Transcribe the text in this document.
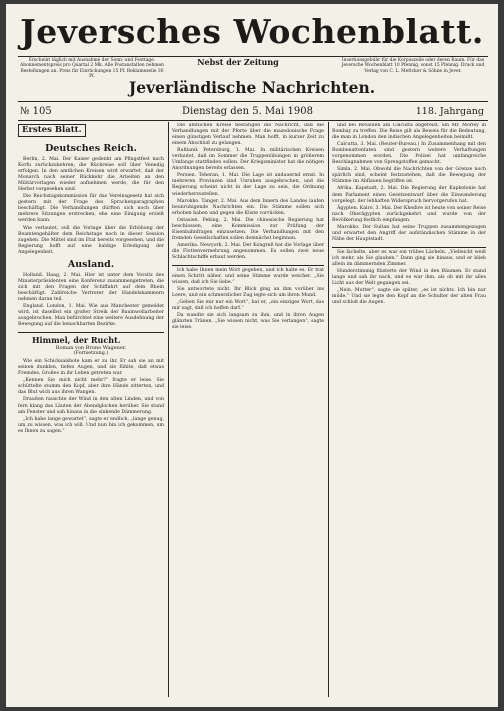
Jeversches Wochenblatt.
Erscheint täglich mit Ausnahme der Sonn- und Festtage. Abonnementspreis pro Quartal 2 Mk. Alle Postanstalten nehmen Bestellungen an. Preis für Einrückungen 15 Pf. Reklamezeile 30 Pf.
Nebst der Zeitung	Insertionsgebühr für die Korpuszeile oder deren Raum. Für das Jeversche Wochenblatt 10 Pfennig, sonst 15 Pfennig. Druck und Verlag von C. L. Mettcker & Söhne in Jever.
Jeverländische Nachrichten.
№ 105	Dienstag den 5. Mai 1908	118. Jahrgang
Erstes Blatt.
Deutsches Reich.

Berlin, 2. Mai. Der Kaiser gedenkt am Pfingstfest nach Korfu zurückzukehren; die Rückreise soll über Venedig erfolgen. In den amtlichen Kreisen wird erwartet, daß der Monarch nach seiner Rückkehr die Arbeiten an den Militärvorlagen wieder aufnehmen werde, die für den Herbst vorgesehen sind.

Die Reichstagskommission für das Vereinsgesetz hat sich gestern mit der Frage des Sprachenparagraphen beschäftigt. Die Verhandlungen dürften sich noch über mehrere Sitzungen erstrecken, ehe eine Einigung erzielt werden kann.

Wie verlautet, soll die Vorlage über die Erhöhung der Beamtengehälter dem Reichstage noch in dieser Session zugehen. Die Mittel sind im Etat bereits vorgesehen, und die Regierung hofft auf eine baldige Erledigung der Angelegenheit.

Ausland.

Holland. Haag, 2. Mai. Hier ist unter dem Vorsitz des Ministerpräsidenten eine Konferenz zusammengetreten, die sich mit den Fragen der Schiffahrt auf dem Rhein beschäftigt. Zahlreiche Vertreter der Handelskammern nehmen daran teil.

England. London, 1. Mai. Wie aus Manchester gemeldet wird, ist daselbst ein großer Streik der Baumwollarbeiter ausgebrochen. Man befürchtet eine weitere Ausdehnung der Bewegung auf die benachbarten Bezirke.

Himmel, der Rucht.
Roman von Bruno Wagener.
(Fortsetzung.)

Wie ein Schicksalsbote kam er zu ihr. Er sah sie an mit seinen dunklen, tiefen Augen, und sie fühlte, daß etwas Fremdes, Großes in ihr Leben getreten war.

„Kennen Sie mich nicht mehr?“ fragte er leise. Sie schüttelte stumm den Kopf, aber ihre Hände zitterten, und das Blut wich aus ihren Wangen.

Draußen rauschte der Wind in den alten Linden, und von fern klang das Läuten der Abendglocken herüber. Sie stand am Fenster und sah hinaus in die sinkende Dämmerung.

„Ich habe lange gewartet“, sagte er endlich, „lange genug, um zu wissen, was ich will. Und nun bin ich gekommen, um es Ihnen zu sagen.“

Die amtlichen Kreise bestätigen die Nachricht, daß die Verhandlungen mit der Pforte über die mazedonische Frage einen günstigen Verlauf nehmen. Man hofft, in kurzer Zeit zu einem Abschluß zu gelangen.

Rußland. Petersburg, 1. Mai. In militärischen Kreisen verlautet, daß im Sommer die Truppenübungen in größerem Umfange stattfinden sollen. Der Kriegsminister hat die nötigen Anordnungen bereits erlassen.

Persien. Teheran, 1. Mai. Die Lage ist andauernd ernst. In mehreren Provinzen sind Unruhen ausgebrochen, und die Regierung scheint nicht in der Lage zu sein, die Ordnung wiederherzustellen.

Marokko. Tanger, 2. Mai. Aus dem Innern des Landes laufen beunruhigende Nachrichten ein. Die Stämme sollen sich erhoben haben und gegen die Küste vorrücken.

Ostasien. Peking, 2. Mai. Die chinesische Regierung hat beschlossen, eine Kommission zur Prüfung der Eisenbahnfragen einzusetzen. Die Verhandlungen mit den fremden Gesellschaften sollen demnächst beginnen.

Amerika. Newyork, 2. Mai. Der Kongreß hat die Vorlage über die Flottenvermehrung angenommen. Es sollen zwei neue Schlachtschiffe erbaut werden.

Ich habe Ihnen mein Wort gegeben, und ich halte es. Er trat einen Schritt näher, und seine Stimme wurde weicher. „Sie wissen, daß ich Sie liebe.“

Sie antwortete nicht. Ihr Blick ging an ihm vorüber ins Leere, und ein schmerzlicher Zug legte sich um ihren Mund.

„Geben Sie mir nur ein Wort“, bat er, „ein einziges Wort, das mir sagt, daß ich hoffen darf.“

Da wandte sie sich langsam zu ihm, und in ihren Augen glänzten Tränen. „Sie wissen nicht, was Sie verlangen“, sagte sie leise.

und bei Revaluen am Calcutta abgereist, um Mr. Morley in Bombay zu treffen. Die Reise gilt als Beweis für die Bedeutung, die man in London den indischen Angelegenheiten beimißt.

Calcutta, 3. Mai. (Reuter-Bureau.) In Zusammenhang mit den Bombenattentaten sind gestern weitere Verhaftungen vorgenommen worden. Die Polizei hat umfangreiche Beschlagnahmen von Sprengstoffen gemacht.

Simla, 2. Mai. Obwohl die Nachrichten von der Grenze noch spärlich sind, scheint festzustehen, daß die Bewegung der Stämme im Abflauen begriffen ist.

Afrika. Kapstadt, 2. Mai. Die Regierung der Kapkolonie hat dem Parlament einen Gesetzentwurf über die Einwanderung vorgelegt, der lebhaften Widerspruch hervorgerufen hat.

Ägypten. Kairo, 3. Mai. Der Khedive ist heute von seiner Reise nach Oberägypten zurückgekehrt und wurde von der Bevölkerung festlich empfangen.

Marokko. Der Sultan hat seine Truppen zusammengezogen und erwartet den Angriff der aufständischen Stämme in der Nähe der Hauptstadt.

Sie lächelte, aber es war ein trübes Lächeln. „Vielleicht weiß ich mehr, als Sie glauben.“ Dann ging sie hinaus, und er blieb allein im dämmernden Zimmer.

Hunderstimmig flüsterte der Wind in den Bäumen. Er stand lange und sah ihr nach, und es war ihm, als ob mit ihr alles Licht aus der Welt gegangen sei.

„Nein, Mutter“, sagte sie später, „es ist nichts. Ich bin nur müde.“ Und sie legte den Kopf an die Schulter der alten Frau und schloß die Augen.
